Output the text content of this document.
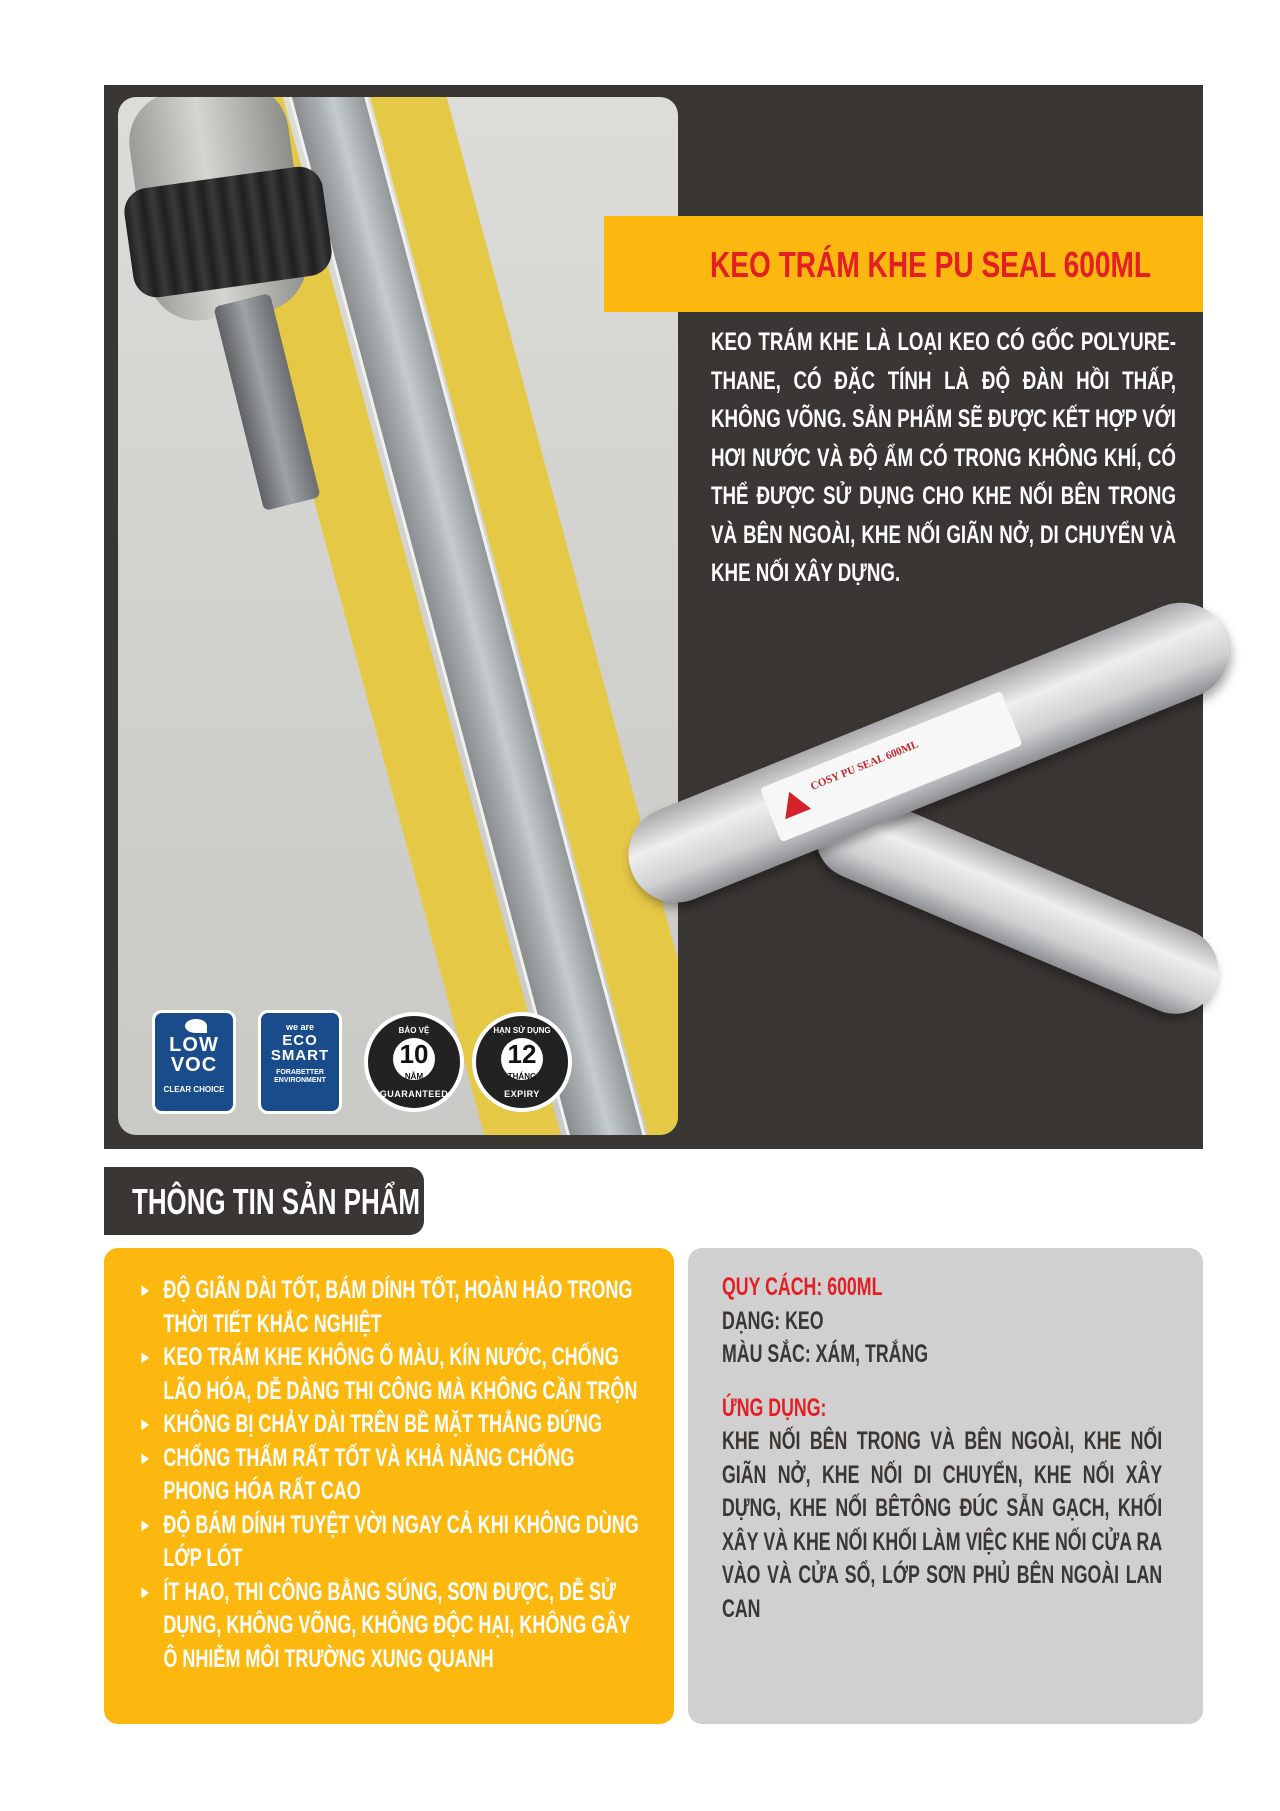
LOW
VOC
CLEAR CHOICE
we are
ECO
SMART
FORABETTER
ENVIRONMENT
BẢO VỆ
10
NĂM
GUARANTEED
HẠN SỬ DỤNG
12
THÁNG
EXPIRY
KEO TRÁM KHE PU SEAL 600ML
KEO TRÁM KHE LÀ LOẠI KEO CÓ GỐC POLYURE-THANE, CÓ ĐẶC TÍNH LÀ ĐỘ ĐÀN HỒI THẤP, KHÔNG VÕNG. SẢN PHẨM SẼ ĐƯỢC KẾT HỢP VỚI HƠI NƯỚC VÀ ĐỘ ẨM CÓ TRONG KHÔNG KHÍ, CÓ THỂ ĐƯỢC SỬ DỤNG CHO KHE NỐI BÊN TRONG VÀ BÊN NGOÀI, KHE NỐI GIÃN NỞ, DI CHUYỂN VÀ KHE NỐI XÂY DỰNG.
COSY PU SEAL 600ML
THÔNG TIN SẢN PHẨM
► ĐỘ GIÃN DÀI TỐT, BÁM DÍNH TỐT, HOÀN HẢO TRONG THỜI TIẾT KHẮC NGHIỆT
► KEO TRÁM KHE KHÔNG Ố MÀU, KÍN NƯỚC, CHỐNG LÃO HÓA, DỄ DÀNG THI CÔNG MÀ KHÔNG CẦN TRỘN
► KHÔNG BỊ CHẢY DÀI TRÊN BỀ MẶT THẲNG ĐỨNG
► CHỐNG THẤM RẤT TỐT VÀ KHẢ NĂNG CHỐNG PHONG HÓA RẤT CAO
► ĐỘ BÁM DÍNH TUYỆT VỜI NGAY CẢ KHI KHÔNG DÙNG LỚP LÓT
► ÍT HAO, THI CÔNG BẰNG SÚNG, SƠN ĐƯỢC, DỄ SỬ DỤNG, KHÔNG VÕNG, KHÔNG ĐỘC HẠI, KHÔNG GÂY Ô NHIỄM MÔI TRƯỜNG XUNG QUANH

QUY CÁCH: 600ML

DẠNG: KEO

MÀU SẮC: XÁM, TRẮNG

ỨNG DỤNG:

KHE NỐI BÊN TRONG VÀ BÊN NGOÀI, KHE NỐI GIÃN NỞ, KHE NỐI DI CHUYỂN, KHE NỐI XÂY DỰNG, KHE NỐI BÊTÔNG ĐÚC SẴN GẠCH, KHỐI XÂY VÀ KHE NỐI KHỐI LÀM VIỆC KHE NỐI CỬA RA VÀO VÀ CỬA SỔ, LỚP SƠN PHỦ BÊN NGOÀI LAN CAN
